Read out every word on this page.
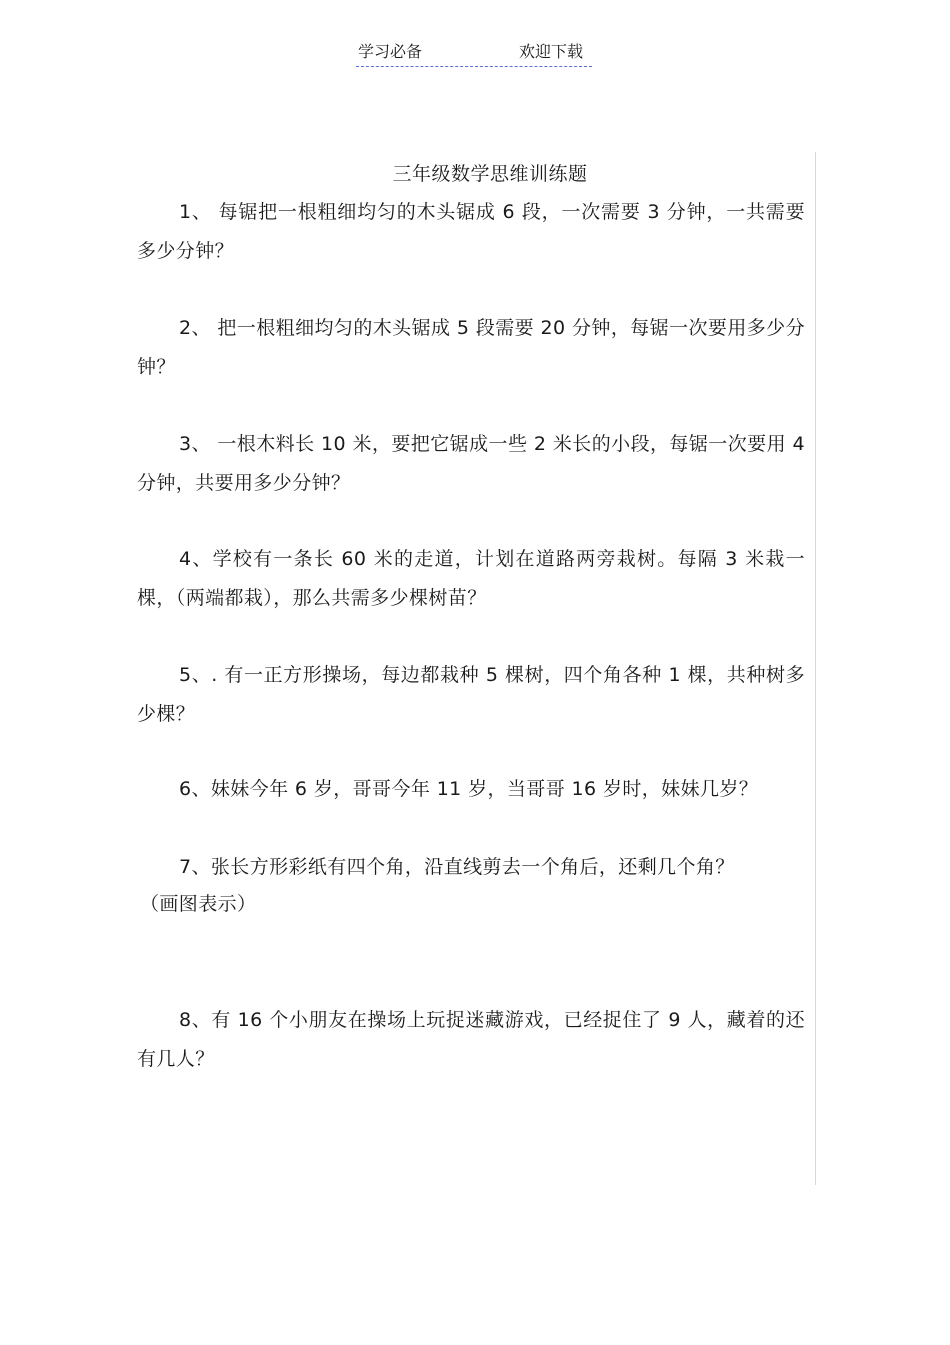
学习必备	欢迎下载
三年级数学思维训练题
1、 每锯把一根粗细均匀的木头锯成 6 段，一次需要 3 分钟，一共需要多少分钟？
2、 把一根粗细均匀的木头锯成 5 段需要 20 分钟，每锯一次要用多少分钟？
3、 一根木料长 10 米，要把它锯成一些 2 米长的小段，每锯一次要用 4 分钟，共要用多少分钟？
4、学校有一条长 60 米的走道，计划在道路两旁栽树。每隔 3 米栽一棵，（两端都栽），那么共需多少棵树苗？
5、. 有一正方形操场，每边都栽种 5 棵树，四个角各种 1 棵，共种树多少棵？
6、妹妹今年 6 岁，哥哥今年 11 岁，当哥哥 16 岁时，妹妹几岁？
7、张长方形彩纸有四个角，沿直线剪去一个角后，还剩几个角？
（画图表示）
8、有 16 个小朋友在操场上玩捉迷藏游戏，已经捉住了 9 人，藏着的还有几人？
